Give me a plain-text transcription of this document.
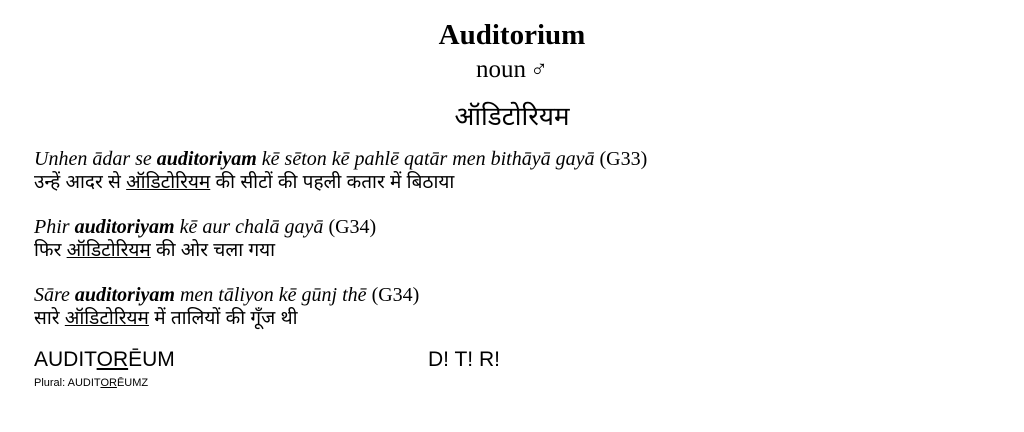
Auditorium
noun ♂
ऑडिटोरियम
Unhen ādar se auditoriyam kē sēton kē pahlē qatār men bithāyā gayā (G33)
उन्हें आदर से ऑडिटोरियम की सीटों की पहली कतार में बिठाया
Phir auditoriyam kē aur chalā gayā (G34)
फिर ऑडिटोरियम की ओर चला गया
Sāre auditoriyam men tāliyon kē gūnj thē (G34)
सारे ऑडिटोरियम में तालियों की गूँज थी
AUDITORĒUM	D! T! R!
Plural: AUDITORĒUMZ
